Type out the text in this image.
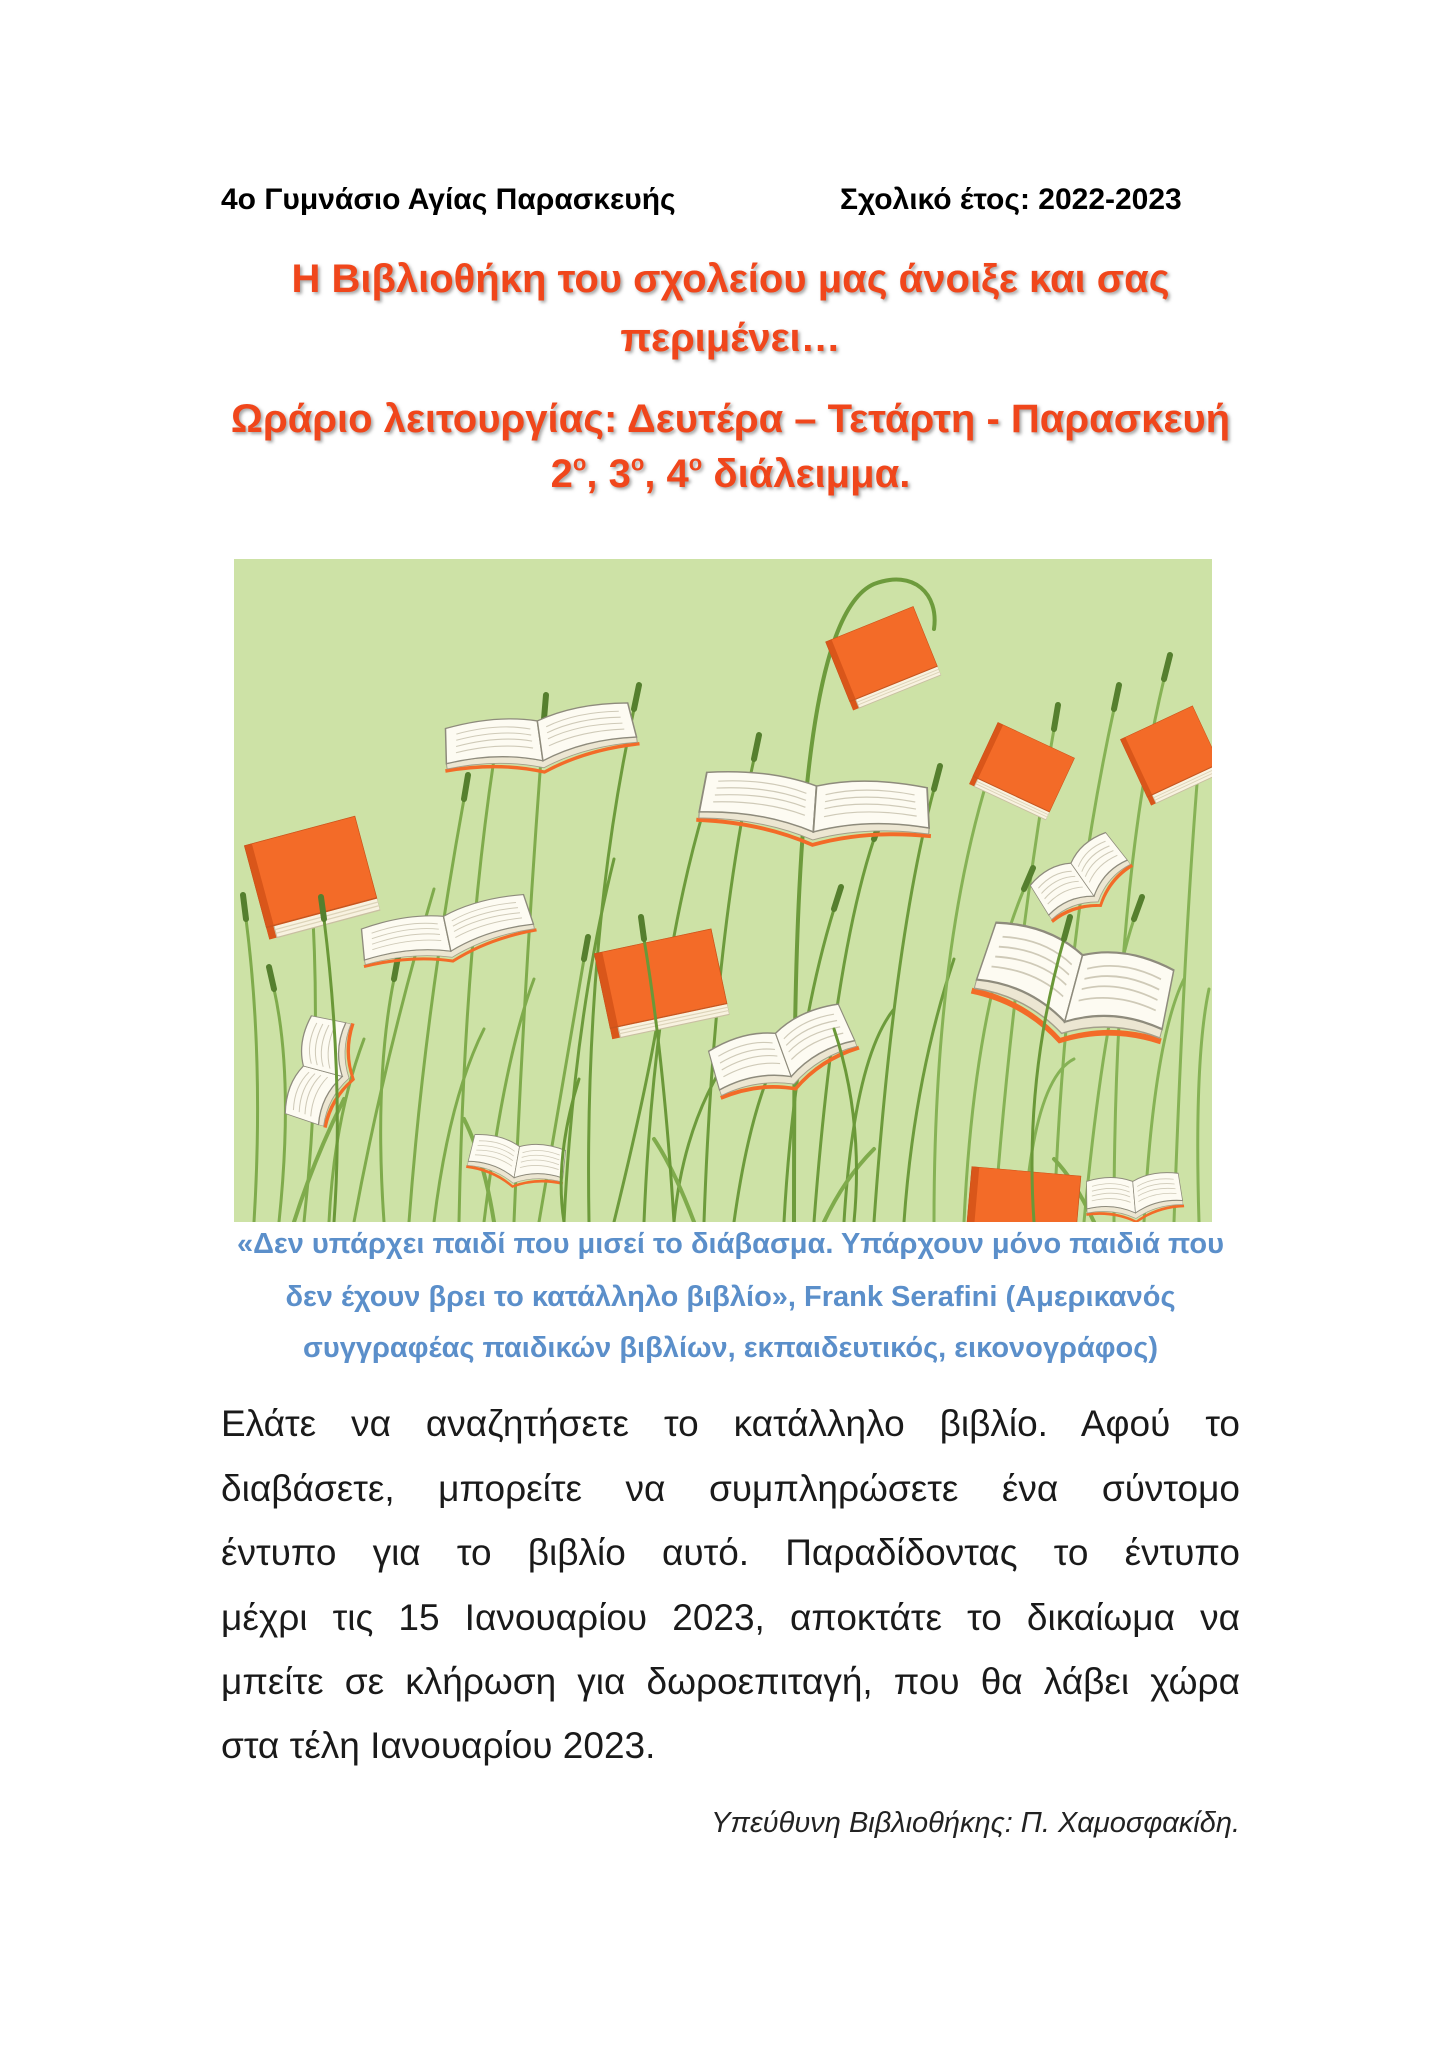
4ο Γυμνάσιο Αγίας Παρασκευής	Σχολικό έτος: 2022-2023
Η Βιβλιοθήκη του σχολείου μας άνοιξε και σας
περιμένει…
Ωράριο λειτουργίας: Δευτέρα – Τετάρτη - Παρασκευή
$2^o$, $3^o$, $4^o$ διάλειμμα.
«Δεν υπάρχει παιδί που μισεί το διάβασμα. Υπάρχουν μόνο παιδιά που
δεν έχουν βρει το κατάλληλο βιβλίο», Frank Serafini (Αμερικανός
συγγραφέας παιδικών βιβλίων, εκπαιδευτικός, εικονογράφος)
Ελάτε να αναζητήσετε το κατάλληλο βιβλίο. Αφού το
διαβάσετε, μπορείτε να συμπληρώσετε ένα σύντομο
έντυπο για το βιβλίο αυτό. Παραδίδοντας το έντυπο
μέχρι τις 15 Ιανουαρίου 2023, αποκτάτε το δικαίωμα να
μπείτε σε κλήρωση για δωροεπιταγή, που θα λάβει χώρα
στα τέλη Ιανουαρίου 2023.
Υπεύθυνη Βιβλιοθήκης: Π. Χαμοσφακίδη.
